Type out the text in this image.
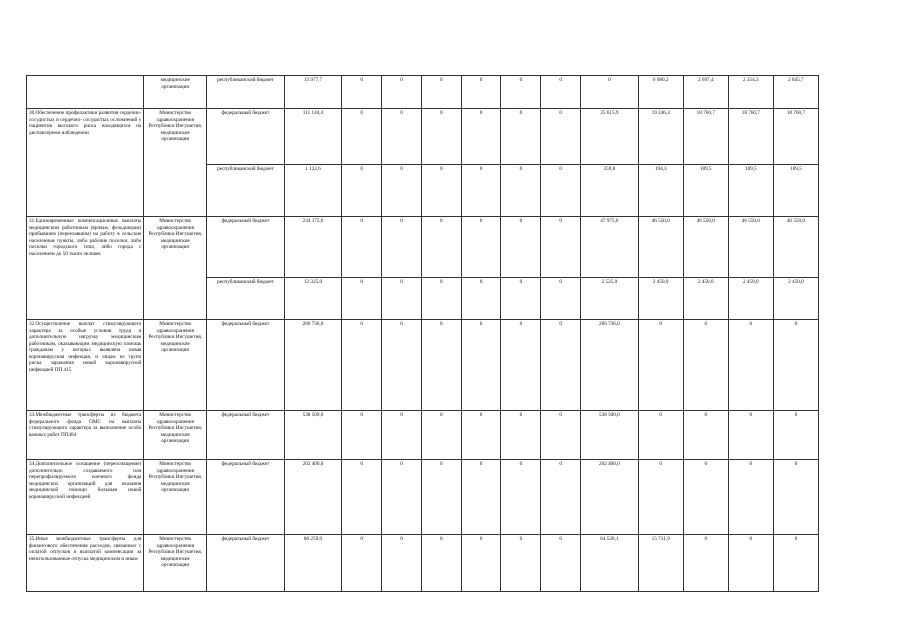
	медицинские организации	республиканский бюджет	13 977,7	0	0	0	0	0	0	0	6 080,2	2 697,4	2 354,3	2 845,7
30.Обеспечение профилактики развития сердечно- сосудистых и сердечно- сосудистых осложнений у пациентов высокого риска находящихся на диспансерном наблюдении	Министерство здравоохранения Республики Ингушетия, медицинские организации	федеральный бюджет	111 144,4	0	0	0	0	0	0	35 615,9	19 246,4	18 760,7	18 760,7	18 760,7
		республиканский бюджет	1 122,6	0	0	0	0	0	0	359,8	194,3	189,5	189,5	189,5
31.Единовременные компенсационные выплаты медицинским работникам (врачам, фельдшерам) прибывшим (переехавшим) на работу в сельские населенные пункты, либо рабочие поселки, либо поселки городского типа, либо города с населением до 50 тысяч человек	Министерство здравоохранения Республики Ингушетия, медицинские организации	федеральный бюджет	234 175,0	0	0	0	0	0	0	47 975,0	46 550,0	46 550,0	46 550,0	46 550,0
		республиканский бюджет	12 325,0	0	0	0	0	0	0	2 525,0	2 450,0	2 450,0	2 450,0	2 450,0
32.Осуществление выплат стимулирующего характера за особые условия труда и дополнительную нагрузку медицинским работникам, оказывающим медицинскую помощь гражданам у которых выявлена новая коронавирусная инфекция, и лицам из групп риска заражения новой коронавирусной инфекцией ПП 415	Министерство здравоохранения Республики Ингушетия, медицинские организации	федеральный бюджет	266 736,0	0	0	0	0	0	0	266 736,0	0	0	0	0
33.Межбюджетные трансферты из бюджета федерального фонда ОМС на выплаты стимулирующего характера за выполнение особо важных работ ПП484	Министерство здравоохранения Республики Ингушетия, медицинские организации	федеральный бюджет	538 500,0	0	0	0	0	0	0	538 500,0	0	0	0	0
34.Дополнительное оснащение (переоснащение) дополнительно создаваемого или перепрофилируемого коечного фонда медицинских организаций для оказания медицинской помощи больным новой коронавирусной инфекцией	Министерство здравоохранения Республики Ингушетия, медицинские организации	федеральный бюджет	202 400,0	0	0	0	0	0	0	202 400,0	0	0	0	0
35.Иные межбюджетные трансферты для финансового обеспечения расходов, связанных с оплатой отпусков и выплатой компенсации за неиспользованные отпуска медицинским и иным	Министерство здравоохранения Республики Ингушетия, медицинские организации	федеральный бюджет	80 259,0	0	0	0	0	0	0	64 528,1	15 731,9	0	0	0
